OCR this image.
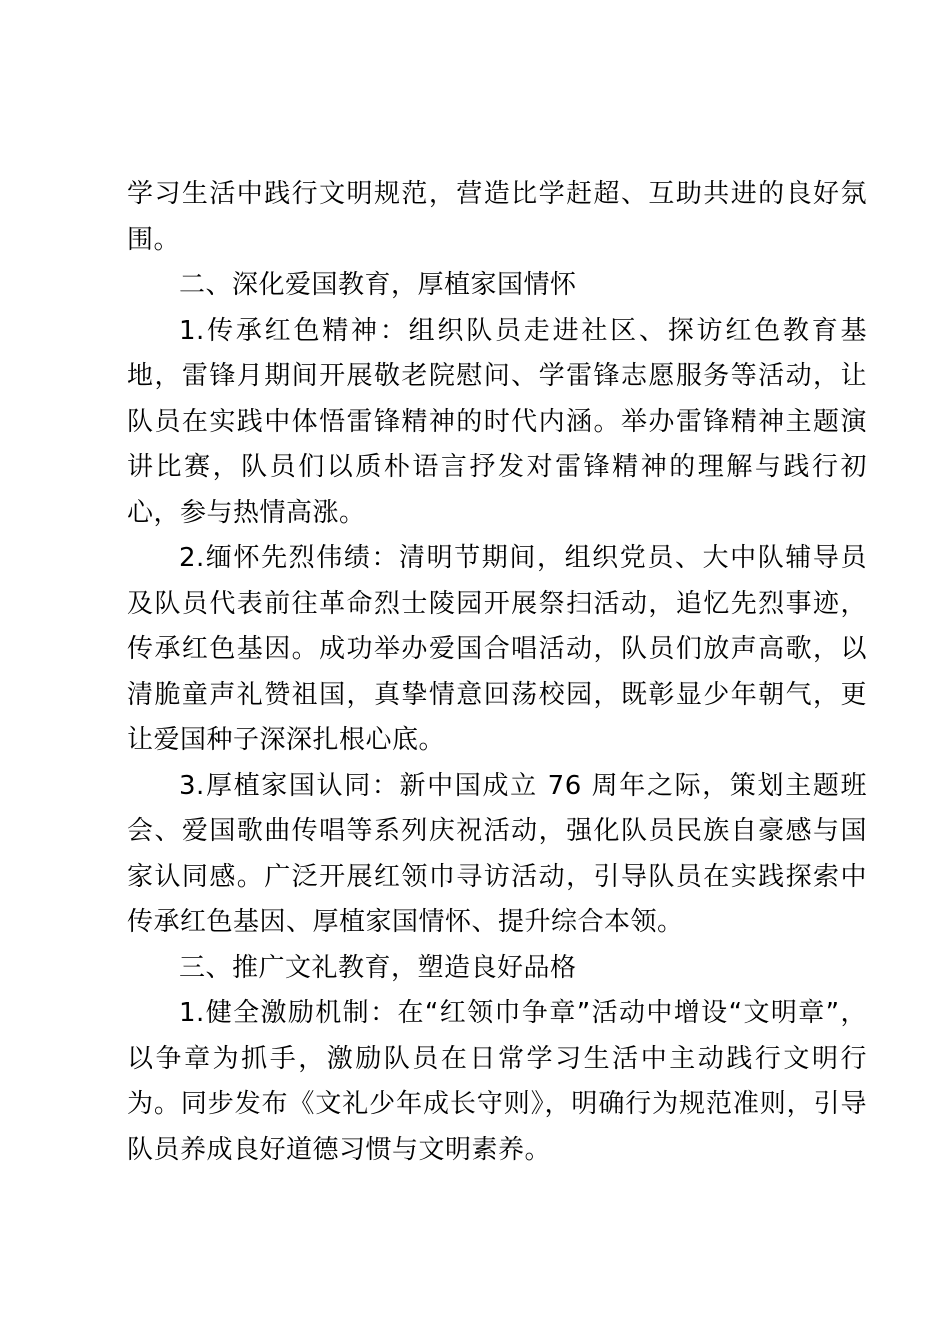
学习生活中践行文明规范，营造比学赶超、互助共进的良好氛围。

二、深化爱国教育，厚植家国情怀

1.传承红色精神：组织队员走进社区、探访红色教育基地，雷锋月期间开展敬老院慰问、学雷锋志愿服务等活动，让队员在实践中体悟雷锋精神的时代内涵。举办雷锋精神主题演讲比赛，队员们以质朴语言抒发对雷锋精神的理解与践行初心，参与热情高涨。

2.缅怀先烈伟绩：清明节期间，组织党员、大中队辅导员及队员代表前往革命烈士陵园开展祭扫活动，追忆先烈事迹，传承红色基因。成功举办爱国合唱活动，队员们放声高歌，以清脆童声礼赞祖国，真挚情意回荡校园，既彰显少年朝气，更让爱国种子深深扎根心底。

3.厚植家国认同：新中国成立 76 周年之际，策划主题班会、爱国歌曲传唱等系列庆祝活动，强化队员民族自豪感与国家认同感。广泛开展红领巾寻访活动，引导队员在实践探索中传承红色基因、厚植家国情怀、提升综合本领。

三、推广文礼教育，塑造良好品格

1.健全激励机制：在“红领巾争章”活动中增设“文明章”，以争章为抓手，激励队员在日常学习生活中主动践行文明行为。同步发布《文礼少年成长守则》，明确行为规范准则，引导队员养成良好道德习惯与文明素养。
